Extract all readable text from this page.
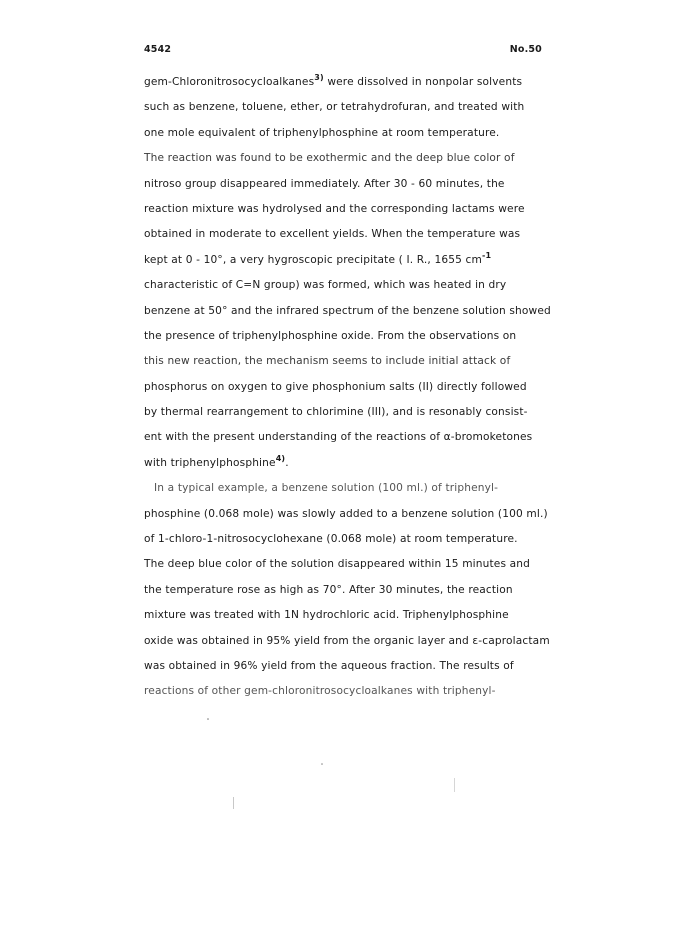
4542	No.50
gem-Chloronitrosocycloalkanes$^{3)}$ were dissolved in nonpolar solvents
such as benzene, toluene, ether, or tetrahydrofuran, and treated with
one mole equivalent of triphenylphosphine at room temperature.
The reaction was found to be exothermic and the deep blue color of
nitroso group disappeared immediately. After 30 - 60 minutes, the
reaction mixture was hydrolysed and the corresponding lactams were
obtained in moderate to excellent yields. When the temperature was
kept at 0 - 10°, a very hygroscopic precipitate ( I. R., 1655 $cm^{-1}$
characteristic of C=N group) was formed, which was heated in dry
benzene at 50° and the infrared spectrum of the benzene solution showed
the presence of triphenylphosphine oxide. From the observations on
this new reaction, the mechanism seems to include initial attack of
phosphorus on oxygen to give phosphonium salts (II) directly followed
by thermal rearrangement to chlorimine (III), and is resonably consist-
ent with the present understanding of the reactions of α-bromoketones
with triphenylphosphine$^{4)}$.
In a typical example, a benzene solution (100 ml.) of triphenyl-
phosphine (0.068 mole) was slowly added to a benzene solution (100 ml.)
of 1-chloro-1-nitrosocyclohexane (0.068 mole) at room temperature.
The deep blue color of the solution disappeared within 15 minutes and
the temperature rose as high as 70°. After 30 minutes, the reaction
mixture was treated with 1N hydrochloric acid. Triphenylphosphine
oxide was obtained in 95% yield from the organic layer and ε-caprolactam
was obtained in 96% yield from the aqueous fraction. The results of
reactions of other gem-chloronitrosocycloalkanes with triphenyl-
